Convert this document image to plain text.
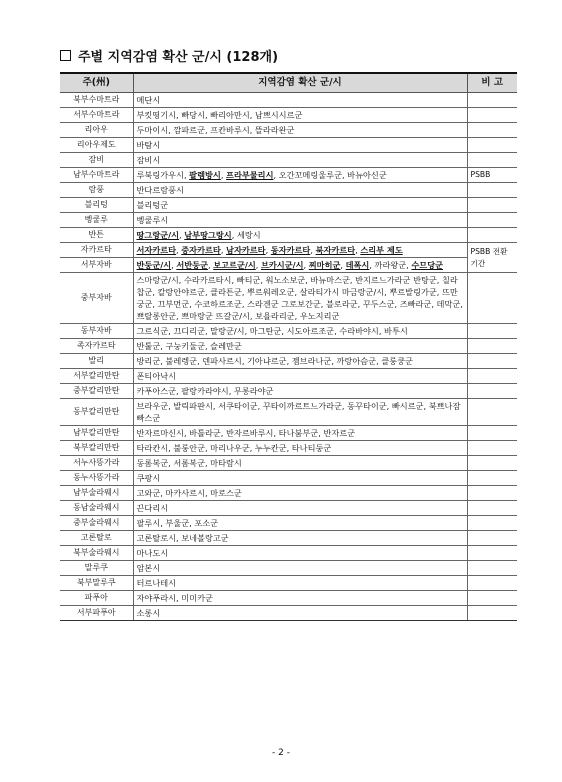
주별 지역감염 확산 군/시 (128개)
주(州)	지역감염 확산 군/시	비 고
북부수마트라	메단시	
서부수마트라	부킷띵기시, 빠당시, 빠리아만시, 남쁘시시르군	
리아우	두마이시, 깜파르군, 프칸바루시, 뜰라라완군	
리아우제도	바탐시	
잠비	잠비시	
남부수마트라	루북링가우시, 팔렘방시, 프라부물리시, 오간꼬메링울루군, 바뉴아신군	PSBB
람풍	반다르람풍시	
블리텅	블리텅군	
벵쿨루	벵쿨루시	
반튼	땅그랑군/시, 남부땅그랑시, 세랑시	
자카르타	서자카르타, 중자카르타, 남자카르타, 동자카르타, 북자카르타, 스리부 제도	PSBB 전환기간
서부자바	반둥군/시, 서반둥군, 보고르군/시, 브카시군/시, 찌마히군, 데폭시, 까라왕군, 수므당군	
중부자바	스마랑군/시, 수라카르타시, 빠티군, 워노소보군, 바뉴마스군, 반지르느가라군 반탕군, 칠라찹군, 칼랑안야르군, 클라튼군, 뿌르워레오군, 살라티가시 마금랑군/시, 뿌르발링가군, 뜨만궁군, 끄부먼군, 수코하르조군, 스라겐군 그로보간군, 블로라군, 꾸두스군, 즈빠라군, 데막군, 쁘랄롱안군, 쁘마랑군 뜨갈군/시, 보욜라리군, 우노지리군	
동부자바	그르식군, 끄디리군, 말랑군/시, 마그탄군, 시도아르조군, 수라바야시, 바투시	
족자카르타	반툴군, 구눙키둘군, 슬레만군	
발리	방리군, 불레렝군, 덴파사르시, 기아냐르군, 젬브라나군, 까랑아슴군, 클룽쿵군	
서부칼리만탄	폰티아낙시	
중부칼리만탄	카푸아스군, 팔랑카라야시, 무롱라야군	
동부칼리만탄	브라우군, 발릭파판시, 서쿠타이군, 꾸타이까르트느가라군, 동꾸타이군, 빠시르군, 북쁘나잠빠스군	
남부칼리만탄	반자르마신시, 바틀라군, 반자르바루시, 타나붐부군, 반자르군	
북부칼리만탄	타라칸시, 불룽안군, 마리나우군, 누누칸군, 타나티둥군	
서누사뜽가라	동롬복군, 서롬복군, 마타람시	
동누사뜽가라	쿠팡시	
남부술라웨시	고와군, 마카사르시, 마로스군	
동남술라웨시	끈다리시	
중부술라웨시	팔루시, 부울군, 포소군	
고론탈로	고론탈로시, 보네볼랑고군	
북부술라웨시	마나도시	
말루쿠	암본시	
북부말루쿠	터르나테시	
파푸아	자야푸라시, 미미카군	
서부파푸아	소롱시	
- 2 -
